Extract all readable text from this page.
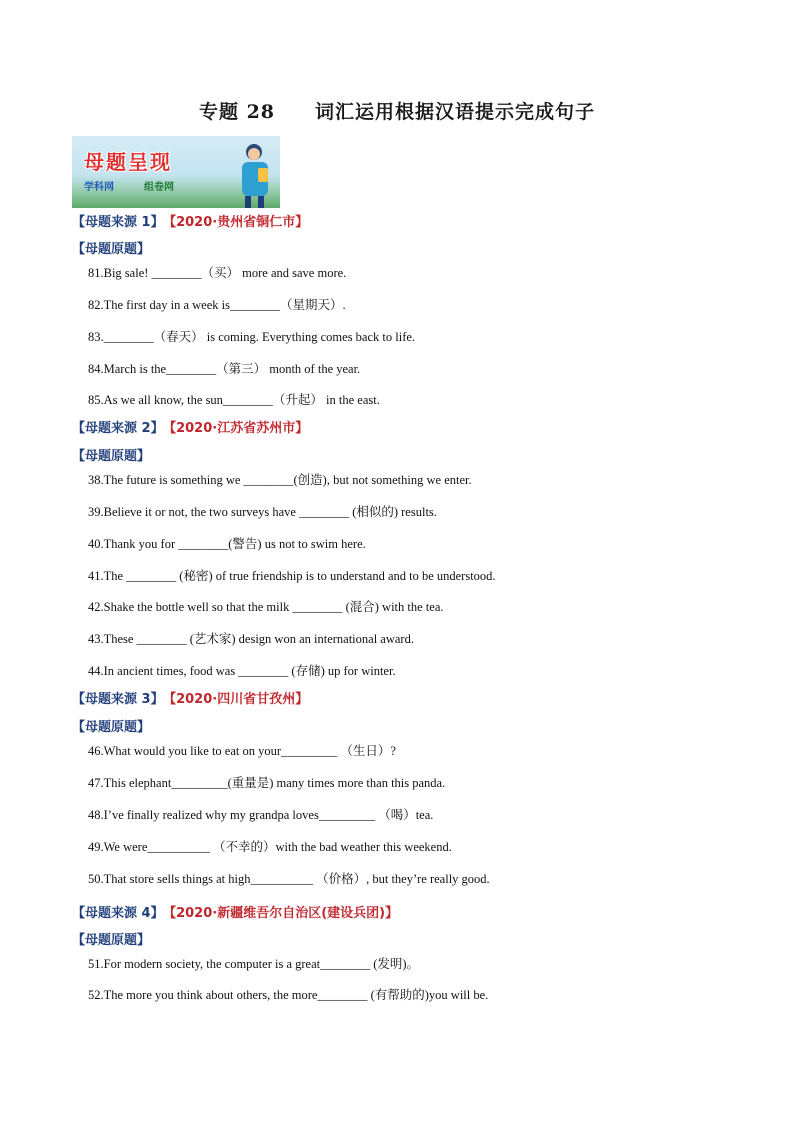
专题 28 词汇运用根据汉语提示完成句子
母题呈现
学科网	组卷网
【母题来源 1】 【2020·贵州省铜仁市】
【母题原题】
81.Big sale! ________（买） more and save more.
82.The first day in a week is________（星期天）.
83.________（春天） is coming. Everything comes back to life.
84.March is the________（第三） month of the year.
85.As we all know, the sun________（升起） in the east.
【母题来源 2】 【2020·江苏省苏州市】
【母题原题】
38.The future is something we ________(创造), but not something we enter.
39.Believe it or not, the two surveys have ________ (相似的) results.
40.Thank you for ________(警告) us not to swim here.
41.The ________ (秘密) of true friendship is to understand and to be understood.
42.Shake the bottle well so that the milk ________ (混合) with the tea.
43.These ________ (艺术家) design won an international award.
44.In ancient times, food was ________ (存储) up for winter.
【母题来源 3】 【2020·四川省甘孜州】
【母题原题】
46.What would you like to eat on your_________ （生日）?
47.This elephant_________(重量是) many times more than this panda.
48.I’ve finally realized why my grandpa loves_________ （喝）tea.
49.We were__________ （不幸的）with the bad weather this weekend.
50.That store sells things at high__________ （价格）, but they’re really good.
【母题来源 4】 【2020·新疆维吾尔自治区(建设兵团)】
【母题原题】
51.For modern society, the computer is a great________ (发明)。
52.The more you think about others, the more________ (有帮助的)you will be.
